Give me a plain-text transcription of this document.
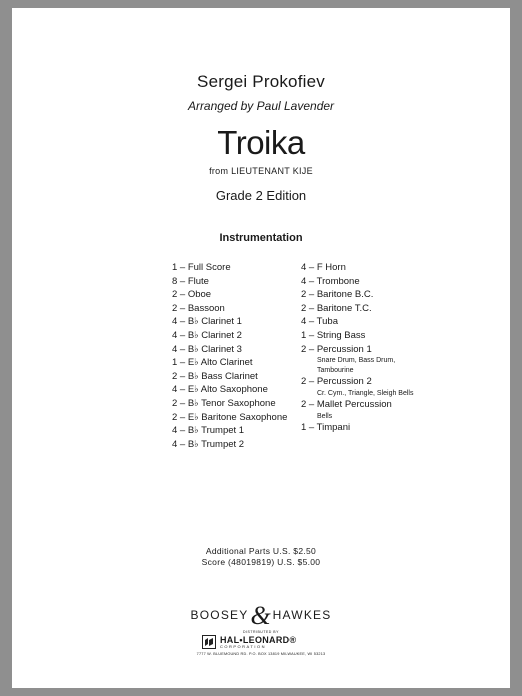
Sergei Prokofiev
Arranged by Paul Lavender
Troika
from LIEUTENANT KIJE
Grade 2 Edition
Instrumentation
1 – Full Score
8 – Flute
2 – Oboe
2 – Bassoon
4 – B♭ Clarinet 1
4 – B♭ Clarinet 2
4 – B♭ Clarinet 3
1 – E♭ Alto Clarinet
2 – B♭ Bass Clarinet
4 – E♭ Alto Saxophone
2 – B♭ Tenor Saxophone
2 – E♭ Baritone Saxophone
4 – B♭ Trumpet 1
4 – B♭ Trumpet 2
4 – F Horn
4 – Trombone
2 – Baritone B.C.
2 – Baritone T.C.
4 – Tuba
1 – String Bass
2 – Percussion 1
Snare Drum, Bass Drum,
Tambourine
2 – Percussion 2
Cr. Cym., Triangle, Sleigh Bells
2 – Mallet Percussion
Bells
1 – Timpani
Additional Parts U.S. $2.50
Score (48019819) U.S. $5.00
BOOSEY& HAWKES
DISTRIBUTED BY
HAL•LEONARD®
CORPORATION
7777 W. BLUEMOUND RD. P.O. BOX 13819 MILWAUKEE, WI 53213
